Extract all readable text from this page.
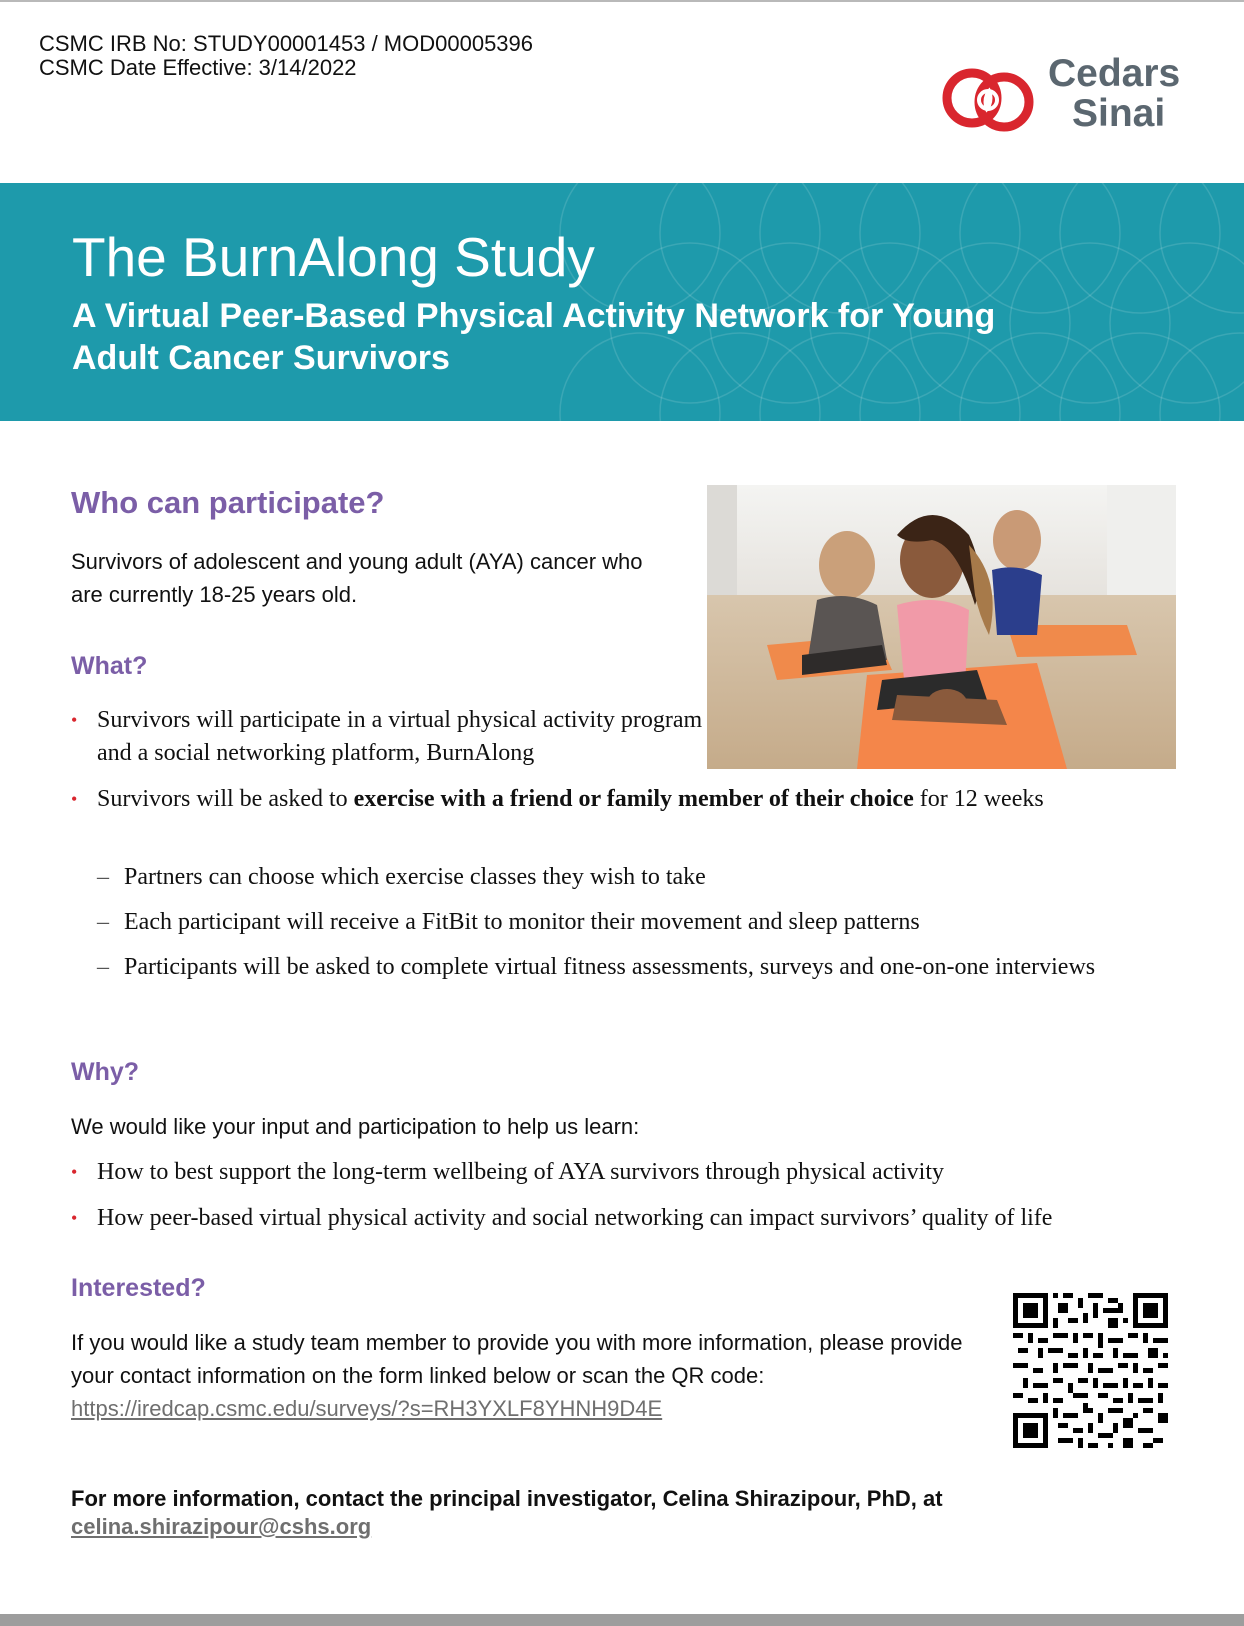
CSMC IRB No: STUDY00001453 / MOD00005396
CSMC Date Effective: 3/14/2022	Cedars
Sinai
The BurnAlong Study
A Virtual Peer-Based Physical Activity Network for Young Adult Cancer Survivors
Who can participate?

Survivors of adolescent and young adult (AYA) cancer who are currently 18-25 years old.

What?
• Survivors will participate in a virtual physical activity program and a social networking platform, BurnAlong
• Survivors will be asked to exercise with a friend or family member of their choice for 12 weeks
– Partners can choose which exercise classes they wish to take
– Each participant will receive a FitBit to monitor their movement and sleep patterns
– Participants will be asked to complete virtual fitness assessments, surveys and one-on-one interviews
Why?

We would like your input and participation to help us learn:

• How to best support the long-term wellbeing of AYA survivors through physical activity
• How peer-based virtual physical activity and social networking can impact survivors’ quality of life
Interested?

If you would like a study team member to provide you with more information, please provide your contact information on the form linked below or scan the QR code:
https://iredcap.csmc.edu/surveys/?s=RH3YXLF8YHNH9D4E

For more information, contact the principal investigator, Celina Shirazipour, PhD, at
celina.shirazipour@cshs.org
